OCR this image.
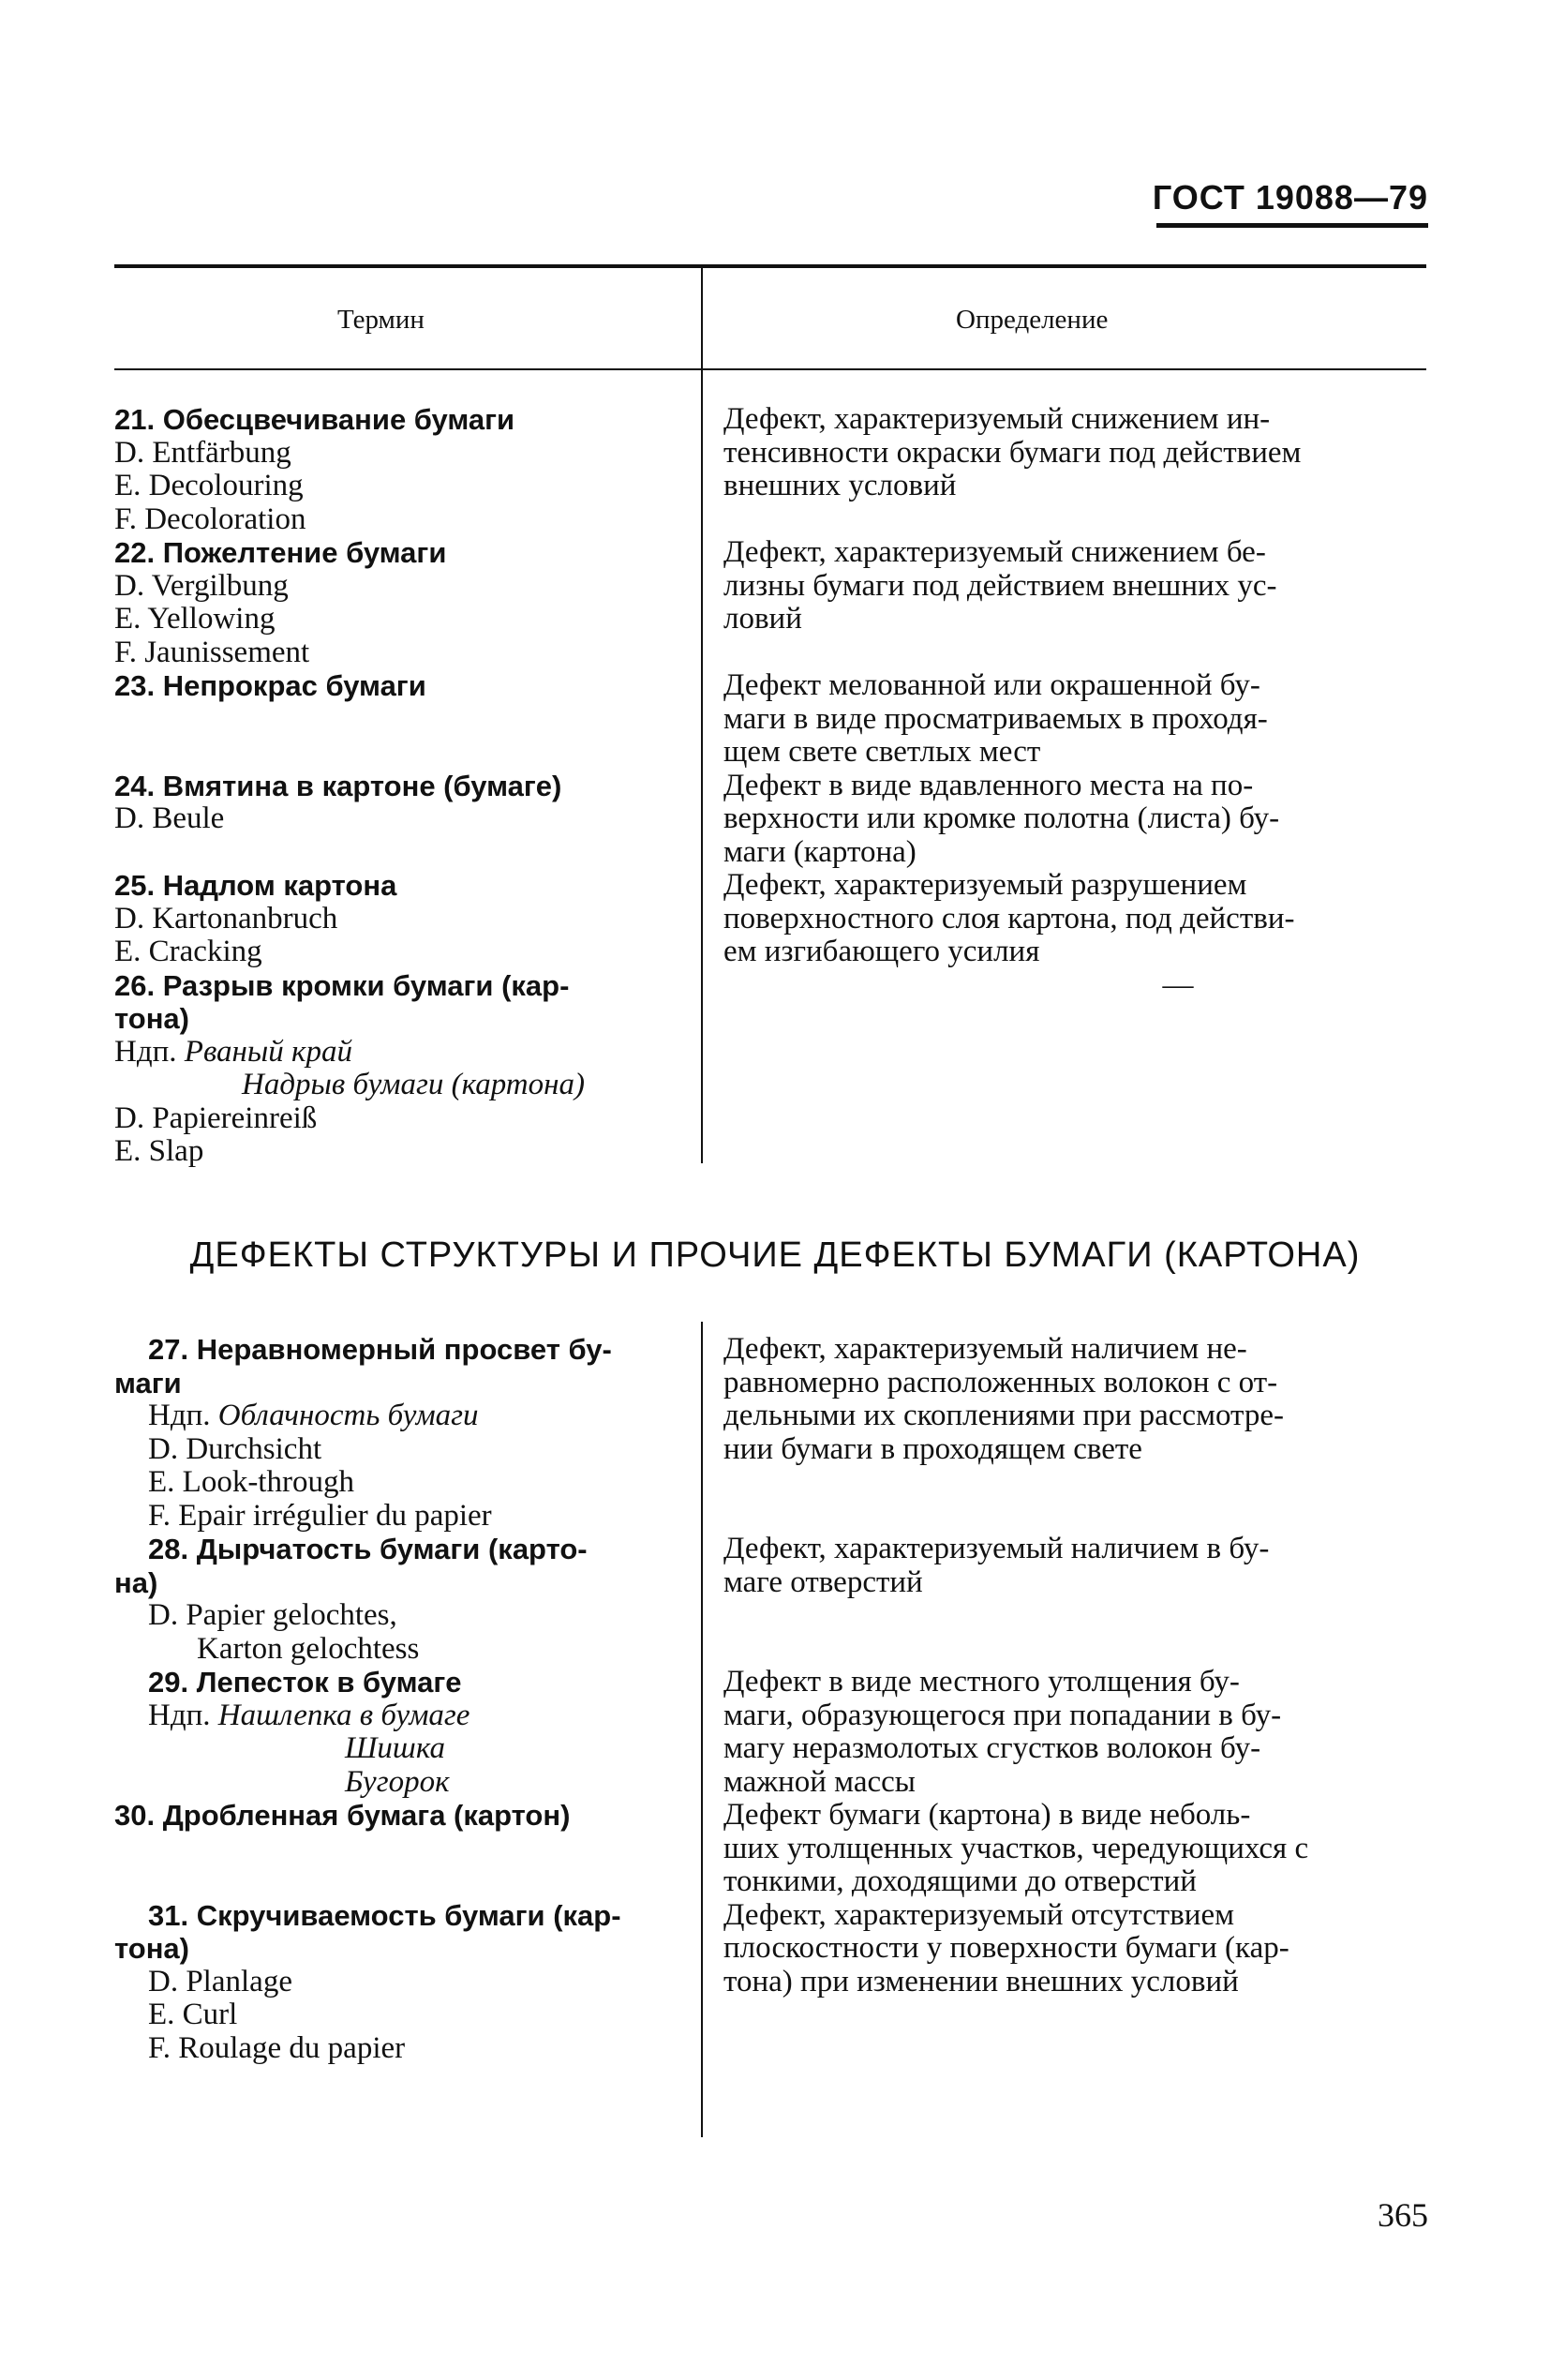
ГОСТ 19088—79
Термин	Определение
21. Обесцвечивание бумаги
D. Entfärbung
E. Decolouring
F. Decoloration
22. Пожелтение бумаги
D. Vergilbung
E. Yellowing
F. Jaunissement
23. Непрокрас бумаги

24. Вмятина в картоне (бумаге)
D. Beule

25. Надлом картона
D. Kartonanbruch
E. Cracking
26. Разрыв кромки бумаги (кар-
тона)
Ндп. Рваный край
Надрыв бумаги (картона)
D. Papiereinreiß
E. Slap
Дефект, характеризуемый снижением ин-
тенсивности окраски бумаги под действием
внешних условий

Дефект, характеризуемый снижением бе-
лизны бумаги под действием внешних ус-
ловий

Дефект мелованной или окрашенной бу-
маги в виде просматриваемых в проходя-
щем свете светлых мест
Дефект в виде вдавленного места на по-
верхности или кромке полотна (листа) бу-
маги (картона)
Дефект, характеризуемый разрушением
поверхностного слоя картона, под действи-
ем изгибающего усилия
—
ДЕФЕКТЫ СТРУКТУРЫ И ПРОЧИЕ ДЕФЕКТЫ БУМАГИ (КАРТОНА)
27. Неравномерный просвет бу-
маги
Ндп. Облачность бумаги
D. Durchsicht
E. Look-through
F. Epair irrégulier du papier
28. Дырчатость бумаги (карто-
на)
D. Papier gelochtes,
Karton gelochtess
29. Лепесток в бумаге
Ндп. Нашлепка в бумаге
Шишка
Бугорок
30. Дробленная бумага (картон)

31. Скручиваемость бумаги (кар-
тона)
D. Planlage
E. Curl
F. Roulage du papier
Дефект, характеризуемый наличием не-
равномерно расположенных волокон с от-
дельными их скоплениями при рассмотре-
нии бумаги в проходящем свете

Дефект, характеризуемый наличием в бу-
маге отверстий

Дефект в виде местного утолщения бу-
маги, образующегося при попадании в бу-
магу неразмолотых сгустков волокон бу-
мажной массы
Дефект бумаги (картона) в виде неболь-
ших утолщенных участков, чередующихся с
тонкими, доходящими до отверстий
Дефект, характеризуемый отсутствием
плоскостности у поверхности бумаги (кар-
тона) при изменении внешних условий
365
